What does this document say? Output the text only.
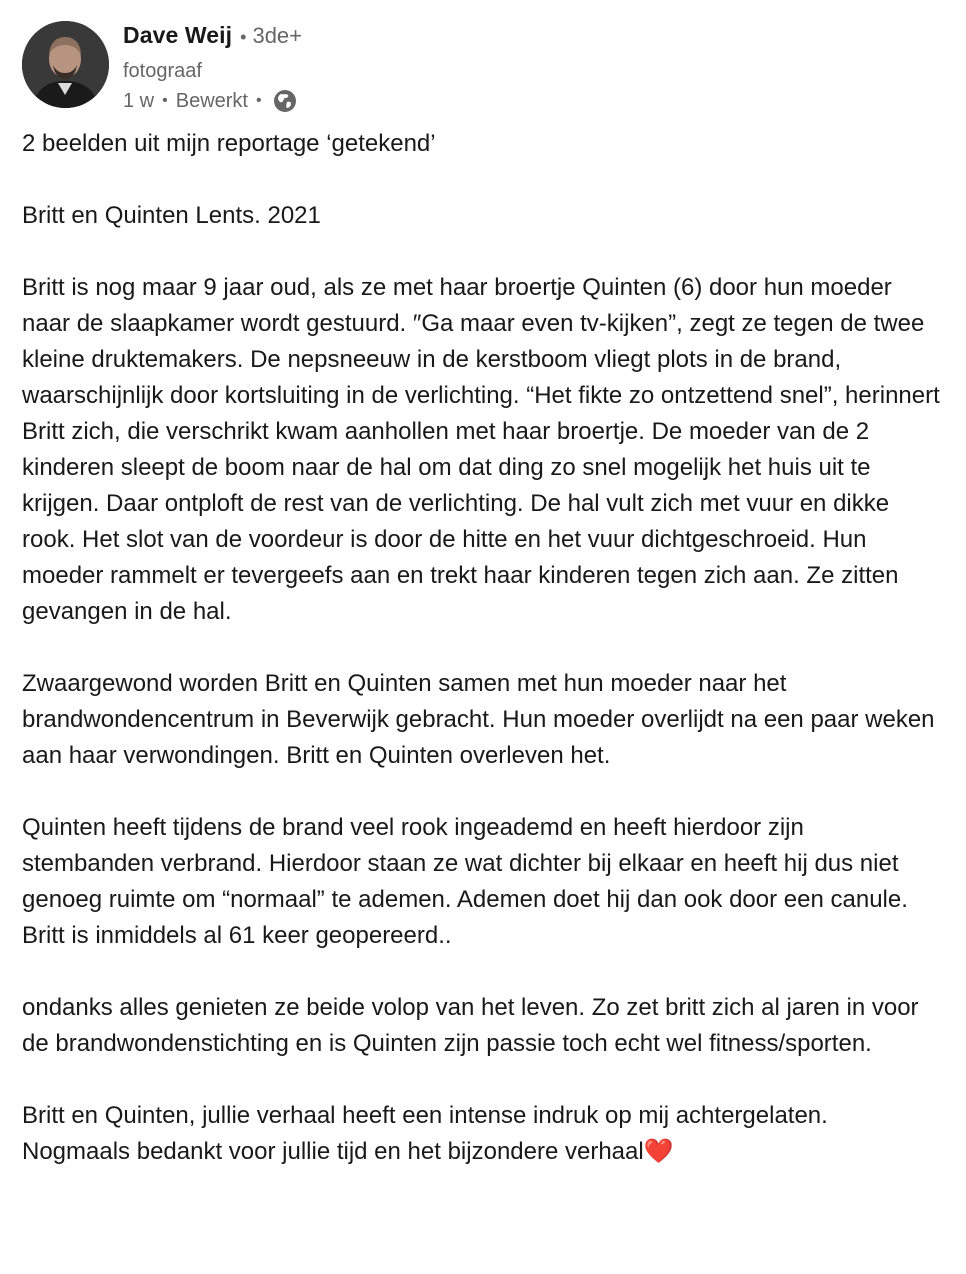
Dave Weij • 3de+
fotograaf
1 w • Bewerkt •

2 beelden uit mijn reportage ‘getekend’

Britt en Quinten Lents. 2021

Britt is nog maar 9 jaar oud, als ze met haar broertje Quinten (6) door hun moeder naar de slaapkamer wordt gestuurd. ″Ga maar even tv-kijken”, zegt ze tegen de twee kleine druktemakers. De nepsneeuw in de kerstboom vliegt plots in de brand, waarschijnlijk door kortsluiting in de verlichting. “Het fikte zo ontzettend snel”, herinnert Britt zich, die verschrikt kwam aanhollen met haar broertje. De moeder van de 2 kinderen sleept de boom naar de hal om dat ding zo snel mogelijk het huis uit te krijgen. Daar ontploft de rest van de verlichting. De hal vult zich met vuur en dikke rook. Het slot van de voordeur is door de hitte en het vuur dichtgeschroeid. Hun moeder rammelt er tevergeefs aan en trekt haar kinderen tegen zich aan. Ze zitten gevangen in de hal.

Zwaargewond worden Britt en Quinten samen met hun moeder naar het brandwondencentrum in Beverwijk gebracht. Hun moeder overlijdt na een paar weken aan haar verwondingen. Britt en Quinten overleven het.

Quinten heeft tijdens de brand veel rook ingeademd en heeft hierdoor zijn stembanden verbrand. Hierdoor staan ze wat dichter bij elkaar en heeft hij dus niet genoeg ruimte om “normaal” te ademen. Ademen doet hij dan ook door een canule. Britt is inmiddels al 61 keer geopereerd..

ondanks alles genieten ze beide volop van het leven. Zo zet britt zich al jaren in voor de brandwondenstichting en is Quinten zijn passie toch echt wel fitness/sporten.

Britt en Quinten, jullie verhaal heeft een intense indruk op mij achtergelaten. Nogmaals bedankt voor jullie tijd en het bijzondere verhaal❤️
